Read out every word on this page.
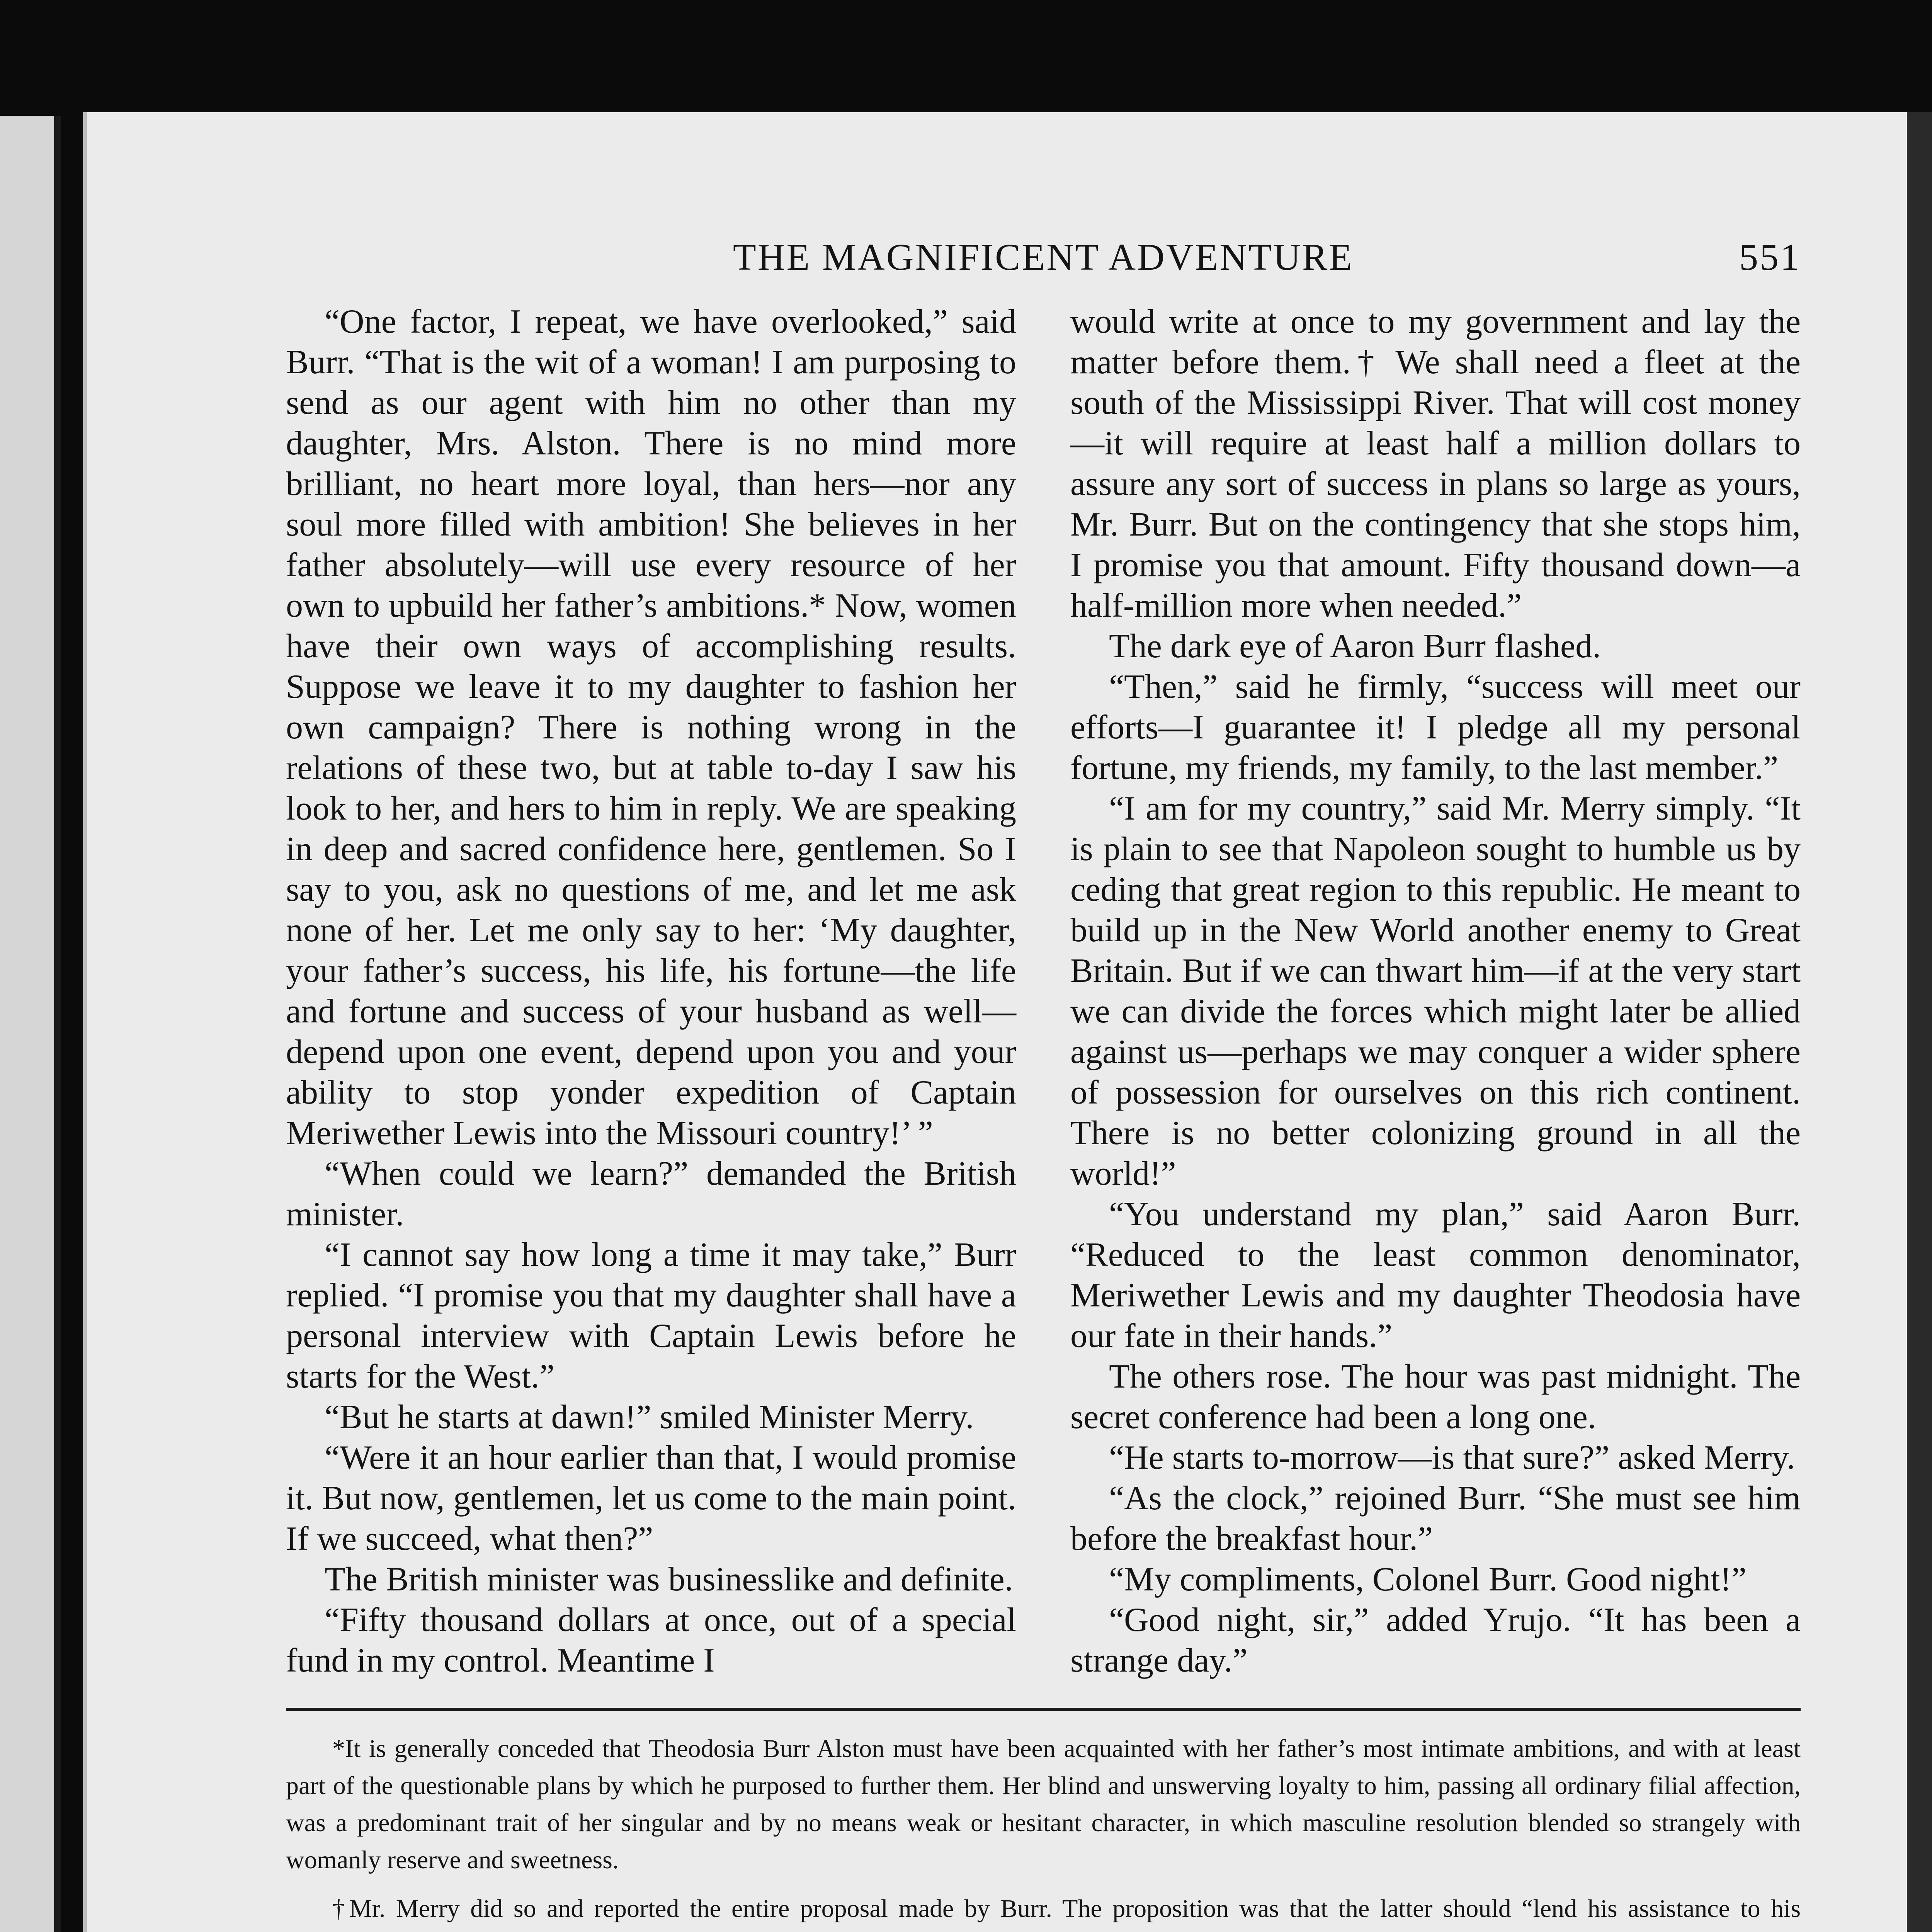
THE MAGNIFICENT ADVENTURE	551

“One factor, I repeat, we have overlooked,” said Burr. “That is the wit of a woman! I am purposing to send as our agent with him no other than my daughter, Mrs. Alston. There is no mind more brilliant, no heart more loyal, than hers—nor any soul more filled with ambition! She believes in her father absolutely—will use every resource of her own to upbuild her father’s ambitions.* Now, women have their own ways of accomplishing results. Suppose we leave it to my daughter to fashion her own campaign? There is nothing wrong in the relations of these two, but at table to-day I saw his look to her, and hers to him in reply. We are speaking in deep and sacred confidence here, gentlemen. So I say to you, ask no questions of me, and let me ask none of her. Let me only say to her: ‘My daughter, your father’s success, his life, his fortune—the life and fortune and success of your husband as well—depend upon one event, depend upon you and your ability to stop yonder expedition of Captain Meriwether Lewis into the Missouri country!’ ”

“When could we learn?” demanded the British minister.

“I cannot say how long a time it may take,” Burr replied. “I promise you that my daughter shall have a personal interview with Captain Lewis before he starts for the West.”

“But he starts at dawn!” smiled Minister Merry.

“Were it an hour earlier than that, I would promise it. But now, gentlemen, let us come to the main point. If we succeed, what then?”

The British minister was businesslike and definite.

“Fifty thousand dollars at once, out of a special fund in my control. Meantime I

would write at once to my government and lay the matter before them.† We shall need a fleet at the south of the Mississippi River. That will cost money—it will require at least half a million dollars to assure any sort of success in plans so large as yours, Mr. Burr. But on the contingency that she stops him, I promise you that amount. Fifty thousand down—a half-million more when needed.”

The dark eye of Aaron Burr flashed.

“Then,” said he firmly, “success will meet our efforts—I guarantee it! I pledge all my personal fortune, my friends, my family, to the last member.”

“I am for my country,” said Mr. Merry simply. “It is plain to see that Napoleon sought to humble us by ceding that great region to this republic. He meant to build up in the New World another enemy to Great Britain. But if we can thwart him—if at the very start we can divide the forces which might later be allied against us—perhaps we may conquer a wider sphere of possession for ourselves on this rich continent. There is no better colonizing ground in all the world!”

“You understand my plan,” said Aaron Burr. “Reduced to the least common denominator, Meriwether Lewis and my daughter Theodosia have our fate in their hands.”

The others rose. The hour was past midnight. The secret conference had been a long one.

“He starts to-morrow—is that sure?” asked Merry.

“As the clock,” rejoined Burr. “She must see him before the breakfast hour.”

“My compliments, Colonel Burr. Good night!”

“Good night, sir,” added Yrujo. “It has been a strange day.”

*It is generally conceded that Theodosia Burr Alston must have been acquainted with her father’s most intimate ambitions, and with at least part of the questionable plans by which he purposed to further them. Her blind and unswerving loyalty to him, passing all ordinary filial affection, was a predominant trait of her singular and by no means weak or hesitant character, in which masculine resolution blended so strangely with womanly reserve and sweetness.

†Mr. Merry did so and reported the entire proposal made by Burr. The proposition was that the latter should “lend his assistance to his
